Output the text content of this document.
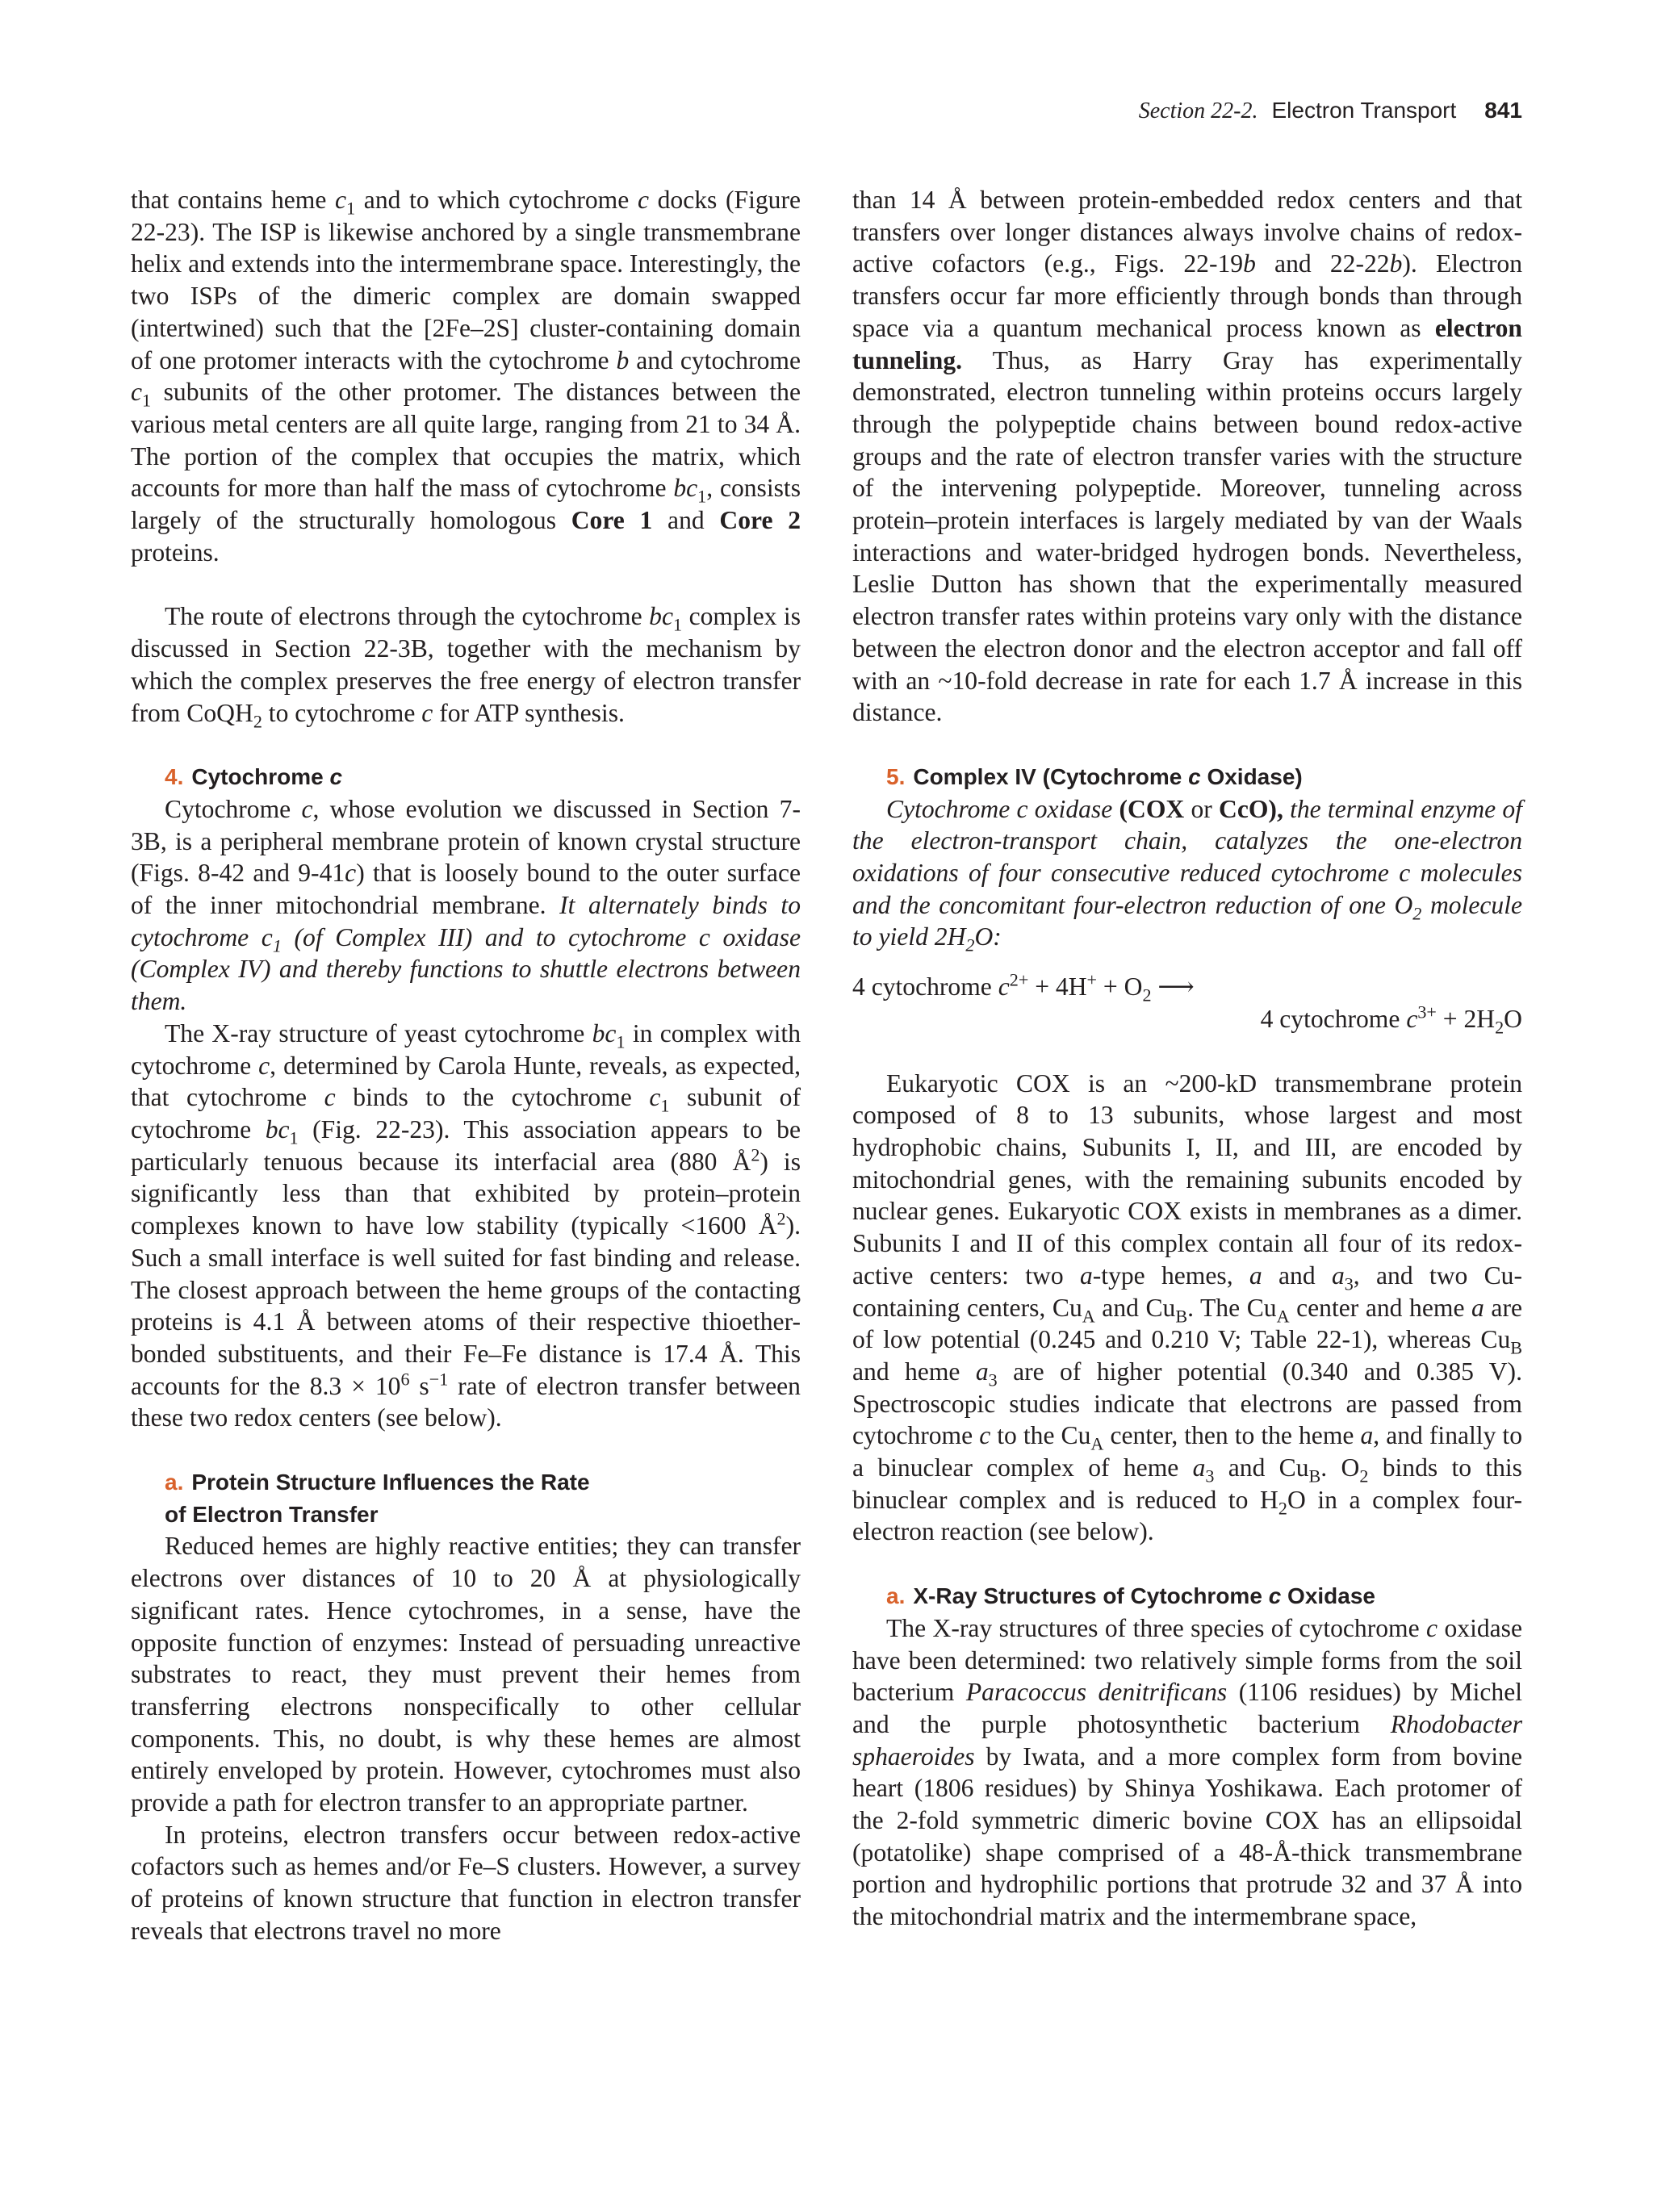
Section 22-2. Electron Transport 841

that contains heme $c_1$ and to which cytochrome c docks (Figure 22-23). The ISP is likewise anchored by a single transmembrane helix and extends into the intermembrane space. Interestingly, the two ISPs of the dimeric complex are domain swapped (intertwined) such that the [2Fe–2S] cluster-containing domain of one protomer interacts with the cytochrome b and cytochrome $c_1$ subunits of the other protomer. The distances between the various metal centers are all quite large, ranging from 21 to 34 Å. The portion of the complex that occupies the matrix, which accounts for more than half the mass of cytochrome $bc_1$, consists largely of the structurally homologous Core 1 and Core 2 proteins.

The route of electrons through the cytochrome $bc_1$ complex is discussed in Section 22-3B, together with the mechanism by which the complex preserves the free energy of electron transfer from CoQH$_2$ to cytochrome c for ATP synthesis.

4. Cytochrome c

Cytochrome c, whose evolution we discussed in Section 7-3B, is a peripheral membrane protein of known crystal structure (Figs. 8-42 and 9-41c) that is loosely bound to the outer surface of the inner mitochondrial membrane. It alternately binds to cytochrome $c_1$ (of Complex III) and to cytochrome c oxidase (Complex IV) and thereby functions to shuttle electrons between them.

The X-ray structure of yeast cytochrome $bc_1$ in complex with cytochrome c, determined by Carola Hunte, reveals, as expected, that cytochrome c binds to the cytochrome $c_1$ subunit of cytochrome $bc_1$ (Fig. 22-23). This association appears to be particularly tenuous because its interfacial area (880 $Å^2$) is significantly less than that exhibited by protein–protein complexes known to have low stability (typically <1600 $Å^2$). Such a small interface is well suited for fast binding and release. The closest approach between the heme groups of the contacting proteins is 4.1 Å between atoms of their respective thioether-bonded substituents, and their Fe–Fe distance is 17.4 Å. This accounts for the $8.3 \times 10^6$ $s^{-1}$ rate of electron transfer between these two redox centers (see below).

a. Protein Structure Influences the Rate
of Electron Transfer

Reduced hemes are highly reactive entities; they can transfer electrons over distances of 10 to 20 Å at physiologically significant rates. Hence cytochromes, in a sense, have the opposite function of enzymes: Instead of persuading unreactive substrates to react, they must prevent their hemes from transferring electrons nonspecifically to other cellular components. This, no doubt, is why these hemes are almost entirely enveloped by protein. However, cytochromes must also provide a path for electron transfer to an appropriate partner.

In proteins, electron transfers occur between redox-active cofactors such as hemes and/or Fe–S clusters. However, a survey of proteins of known structure that function in electron transfer reveals that electrons travel no more

than 14 Å between protein-embedded redox centers and that transfers over longer distances always involve chains of redox-active cofactors (e.g., Figs. 22-19b and 22-22b). Electron transfers occur far more efficiently through bonds than through space via a quantum mechanical process known as electron tunneling. Thus, as Harry Gray has experimentally demonstrated, electron tunneling within proteins occurs largely through the polypeptide chains between bound redox-active groups and the rate of electron transfer varies with the structure of the intervening polypeptide. Moreover, tunneling across protein–protein interfaces is largely mediated by van der Waals interactions and water-bridged hydrogen bonds. Nevertheless, Leslie Dutton has shown that the experimentally measured electron transfer rates within proteins vary only with the distance between the electron donor and the electron acceptor and fall off with an ~10-fold decrease in rate for each 1.7 Å increase in this distance.

5. Complex IV (Cytochrome c Oxidase)

Cytochrome c oxidase (COX or CcO), the terminal enzyme of the electron-transport chain, catalyzes the one-electron oxidations of four consecutive reduced cytochrome c molecules and the concomitant four-electron reduction of one $O_2$ molecule to yield $2H_2O$:

4 cytochrome $c^{2+} + 4H^+ + O_2$ ⟶
4 cytochrome $c^{3+} + 2H_2O$

Eukaryotic COX is an ~200-kD transmembrane protein composed of 8 to 13 subunits, whose largest and most hydrophobic chains, Subunits I, II, and III, are encoded by mitochondrial genes, with the remaining subunits encoded by nuclear genes. Eukaryotic COX exists in membranes as a dimer. Subunits I and II of this complex contain all four of its redox-active centers: two a-type hemes, a and $a_3$, and two Cu-containing centers, $Cu_A$ and $Cu_B$. The $Cu_A$ center and heme a are of low potential (0.245 and 0.210 V; Table 22-1), whereas $Cu_B$ and heme $a_3$ are of higher potential (0.340 and 0.385 V). Spectroscopic studies indicate that electrons are passed from cytochrome c to the $Cu_A$ center, then to the heme a, and finally to a binuclear complex of heme $a_3$ and $Cu_B$. $O_2$ binds to this binuclear complex and is reduced to $H_2O$ in a complex four-electron reaction (see below).

a. X-Ray Structures of Cytochrome c Oxidase

The X-ray structures of three species of cytochrome c oxidase have been determined: two relatively simple forms from the soil bacterium Paracoccus denitrificans (1106 residues) by Michel and the purple photosynthetic bacterium Rhodobacter sphaeroides by Iwata, and a more complex form from bovine heart (1806 residues) by Shinya Yoshikawa. Each protomer of the 2-fold symmetric dimeric bovine COX has an ellipsoidal (potatolike) shape comprised of a 48-Å-thick transmembrane portion and hydrophilic portions that protrude 32 and 37 Å into the mitochondrial matrix and the intermembrane space,
